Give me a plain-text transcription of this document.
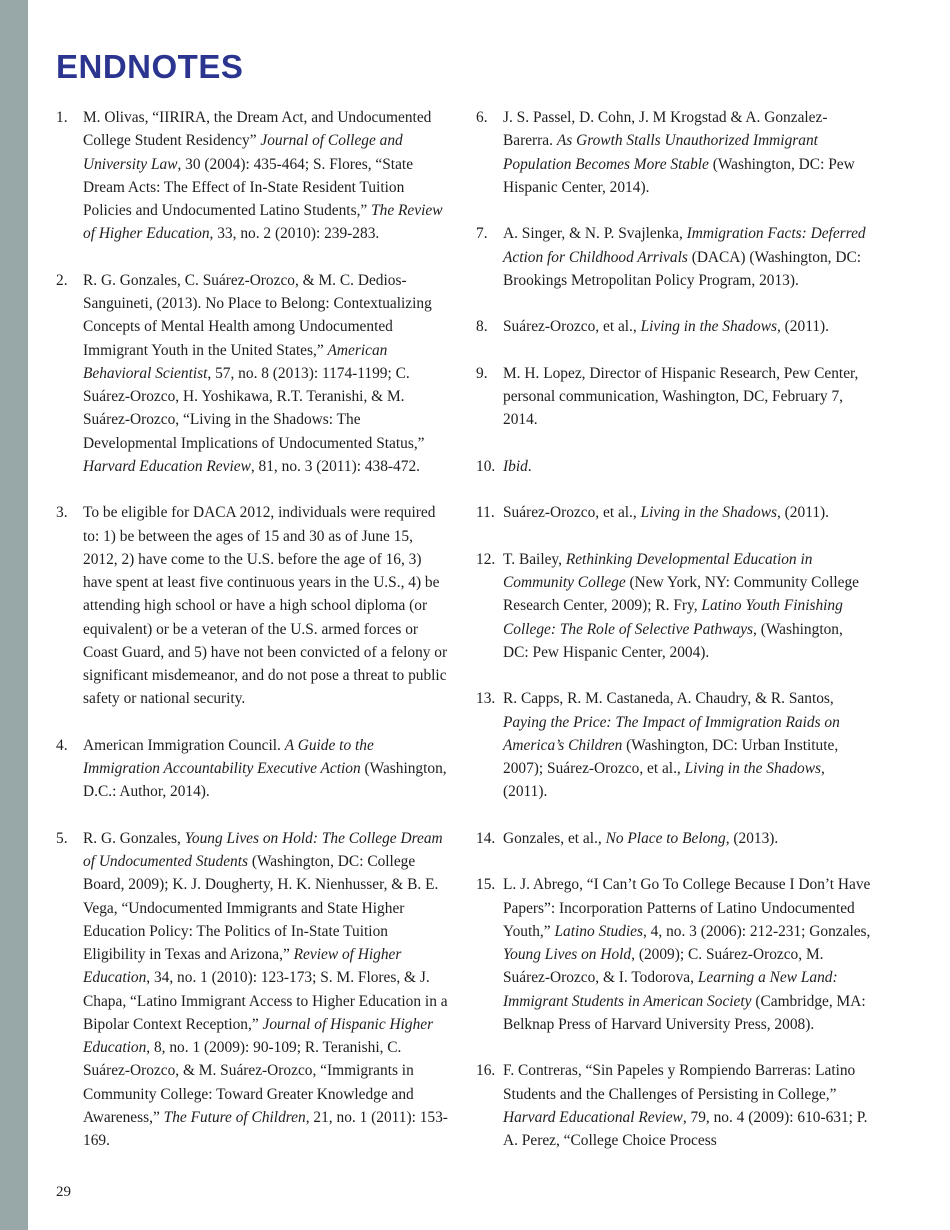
ENDNOTES
1.	M. Olivas, “IIRIRA, the Dream Act, and Undocumented College Student Residency” Journal of College and University Law, 30 (2004): 435-464; S. Flores, “State Dream Acts: The Effect of In-State Resident Tuition Policies and Undocumented Latino Students,” The Review of Higher Education, 33, no. 2 (2010): 239-283.
2.	R. G. Gonzales, C. Suárez-Orozco, & M. C. Dedios-Sanguineti, (2013). No Place to Belong: Contextualizing Concepts of Mental Health among Undocumented Immigrant Youth in the United States,” American Behavioral Scientist, 57, no. 8 (2013): 1174-1199; C. Suárez-Orozco, H. Yoshikawa, R.T. Teranishi, & M. Suárez-Orozco, “Living in the Shadows: The Developmental Implications of Undocumented Status,” Harvard Education Review, 81, no. 3 (2011): 438-472.
3.	To be eligible for DACA 2012, individuals were required to: 1) be between the ages of 15 and 30 as of June 15, 2012, 2) have come to the U.S. before the age of 16, 3) have spent at least five continuous years in the U.S., 4) be attending high school or have a high school diploma (or equivalent) or be a veteran of the U.S. armed forces or Coast Guard, and 5) have not been convicted of a felony or significant misdemeanor, and do not pose a threat to public safety or national security.
4.	American Immigration Council. A Guide to the Immigration Accountability Executive Action (Washington, D.C.: Author, 2014).
5.	R. G. Gonzales, Young Lives on Hold: The College Dream of Undocumented Students (Washington, DC: College Board, 2009); K. J. Dougherty, H. K. Nienhusser, & B. E. Vega, “Undocumented Immigrants and State Higher Education Policy: The Politics of In-State Tuition Eligibility in Texas and Arizona,” Review of Higher Education, 34, no. 1 (2010): 123-173; S. M. Flores, & J. Chapa, “Latino Immigrant Access to Higher Education in a Bipolar Context Reception,” Journal of Hispanic Higher Education, 8, no. 1 (2009): 90-109; R. Teranishi, C. Suárez-Orozco, & M. Suárez-Orozco, “Immigrants in Community College: Toward Greater Knowledge and Awareness,” The Future of Children, 21, no. 1 (2011): 153-169.
6.	J. S. Passel, D. Cohn, J. M Krogstad & A. Gonzalez-Barerra. As Growth Stalls Unauthorized Immigrant Population Becomes More Stable (Washington, DC: Pew Hispanic Center, 2014).
7.	A. Singer, & N. P. Svajlenka, Immigration Facts: Deferred Action for Childhood Arrivals (DACA) (Washington, DC: Brookings Metropolitan Policy Program, 2013).
8.	Suárez-Orozco, et al., Living in the Shadows, (2011).
9.	M. H. Lopez, Director of Hispanic Research, Pew Center, personal communication, Washington, DC, February 7, 2014.
10. Ibid.
11. Suárez-Orozco, et al., Living in the Shadows, (2011).
12. T. Bailey, Rethinking Developmental Education in Community College (New York, NY: Community College Research Center, 2009); R. Fry, Latino Youth Finishing College: The Role of Selective Pathways, (Washington, DC: Pew Hispanic Center, 2004).
13. R. Capps, R. M. Castaneda, A. Chaudry, & R. Santos, Paying the Price: The Impact of Immigration Raids on America’s Children (Washington, DC: Urban Institute, 2007); Suárez-Orozco, et al., Living in the Shadows, (2011).
14. Gonzales, et al., No Place to Belong, (2013).
15. L. J. Abrego, “I Can’t Go To College Because I Don’t Have Papers”: Incorporation Patterns of Latino Undocumented Youth,” Latino Studies, 4, no. 3 (2006): 212-231; Gonzales, Young Lives on Hold, (2009); C. Suárez-Orozco, M. Suárez-Orozco, & I. Todorova, Learning a New Land: Immigrant Students in American Society (Cambridge, MA: Belknap Press of Harvard University Press, 2008).
16. F. Contreras, “Sin Papeles y Rompiendo Barreras: Latino Students and the Challenges of Persisting in College,” Harvard Educational Review, 79, no. 4 (2009): 610-631; P. A. Perez, “College Choice Process
29
